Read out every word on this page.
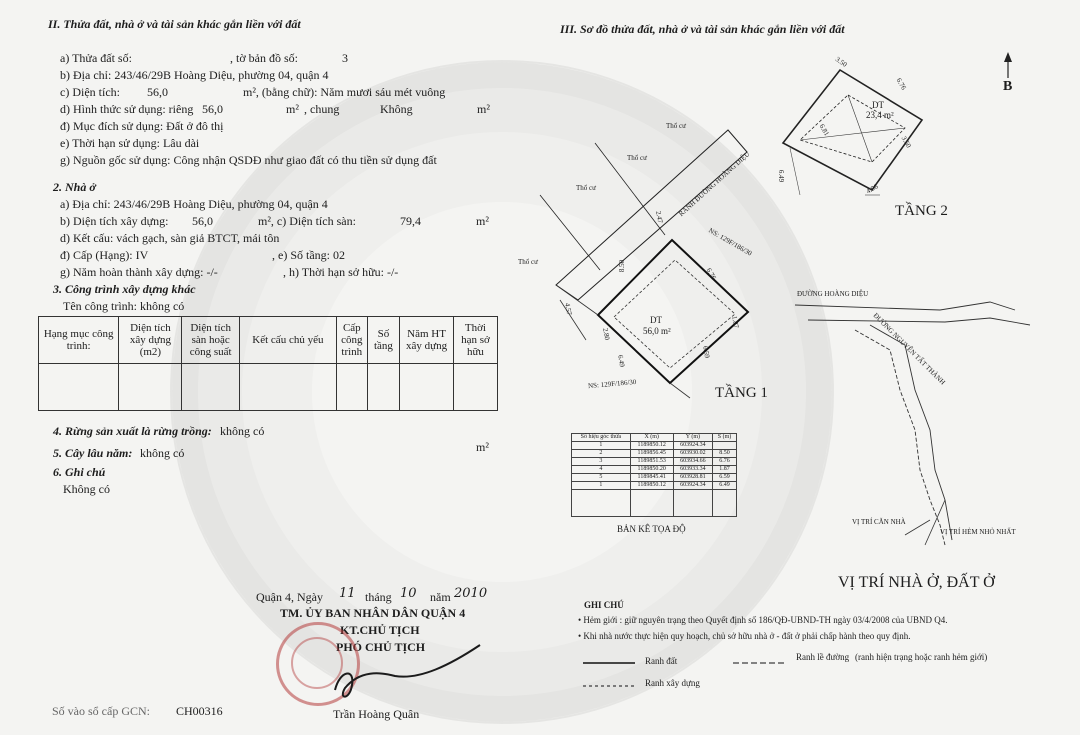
II. Thửa đất, nhà ở và tài sản khác gắn liền với đất
a) Thửa đất số:	, tờ bản đồ số:	3
b) Địa chỉ: 243/46/29B Hoàng Diệu, phường 04, quận 4
c) Diện tích: 56,0	m², (bằng chữ): Năm mươi sáu mét vuông
d) Hình thức sử dụng: riêng 56,0	m² , chung	Không	m²
đ) Mục đích sử dụng: Đất ở đô thị
e) Thời hạn sử dụng: Lâu dài
g) Nguồn gốc sử dụng: Công nhận QSDĐ như giao đất có thu tiền sử dụng đất
2. Nhà ở
a) Địa chỉ: 243/46/29B Hoàng Diệu, phường 04, quận 4
b) Diện tích xây dựng: 56,0	m², c) Diện tích sàn:	79,4	m²
d) Kết cấu: vách gạch, sàn giả BTCT, mái tôn
đ) Cấp (Hạng): IV	, e) Số tầng: 02
g) Năm hoàn thành xây dựng: -/-	, h) Thời hạn sở hữu: -/-
3. Công trình xây dựng khác
Tên công trình: không có
Hạng mục công trình:	Diện tích xây dựng (m2)	Diện tích sàn hoặc công suất	Kết cấu chủ yếu	Cấp công trình	Số tầng	Năm HT xây dựng	Thời hạn sở hữu

4. Rừng sản xuất là rừng trồng: không có
m²
5. Cây lâu năm: không có
6. Ghi chú
Không có
Quận 4, Ngày 11 tháng 10 năm 2010
TM. ỦY BAN NHÂN DÂN QUẬN 4
KT.CHỦ TỊCH
PHÓ CHỦ TỊCH
Trần Hoàng Quân
Số vào sổ cấp GCN: CH00316
III. Sơ đồ thửa đất, nhà ở và tài sản khác gắn liền với đất
B
DT
23,4 m²
TẦNG 2
3.50
6.76
6.81
3.50
6.49
4.96
Thổ cư
Thổ cư
Thổ cư
Thổ cư
RANH ĐƯỜNG HOÀNG DIỆU
NS: 129F/186/30
2.47
8.50
6.76
4.57
1.87
2.80
6.59
6.49
DT
56,0 m²
NS: 129F/186/30
TẦNG 1
ĐƯỜNG HOÀNG DIỆU
ĐƯỜNG NGUYỄN TẤT THÀNH
VỊ TRÍ CĂN NHÀ
VỊ TRÍ HẺM NHỎ NHẤT
VỊ TRÍ NHÀ Ở, ĐẤT Ở
Số hiệu góc thửa	X (m)	Y (m)	S (m)
1	1189850.12	603924.34	
2	1189856.45	603930.02	8.50
3	1189851.53	603934.66	6.76
4	1189850.20	603933.34	1.87
5	1189845.41	603928.81	6.59
1	1189850.12	603924.34	6.49

BẢN KÊ TỌA ĐỘ
GHI CHÚ
• Hẻm giới : giữ nguyên trạng theo Quyết định số 186/QĐ-UBND-TH ngày 03/4/2008 của UBND Q4.
• Khi nhà nước thực hiện quy hoạch, chủ sở hữu nhà ở - đất ở phải chấp hành theo quy định.
Ranh đất	Ranh lề đường (ranh hiện trạng hoặc ranh hẻm giới)
Ranh xây dựng
